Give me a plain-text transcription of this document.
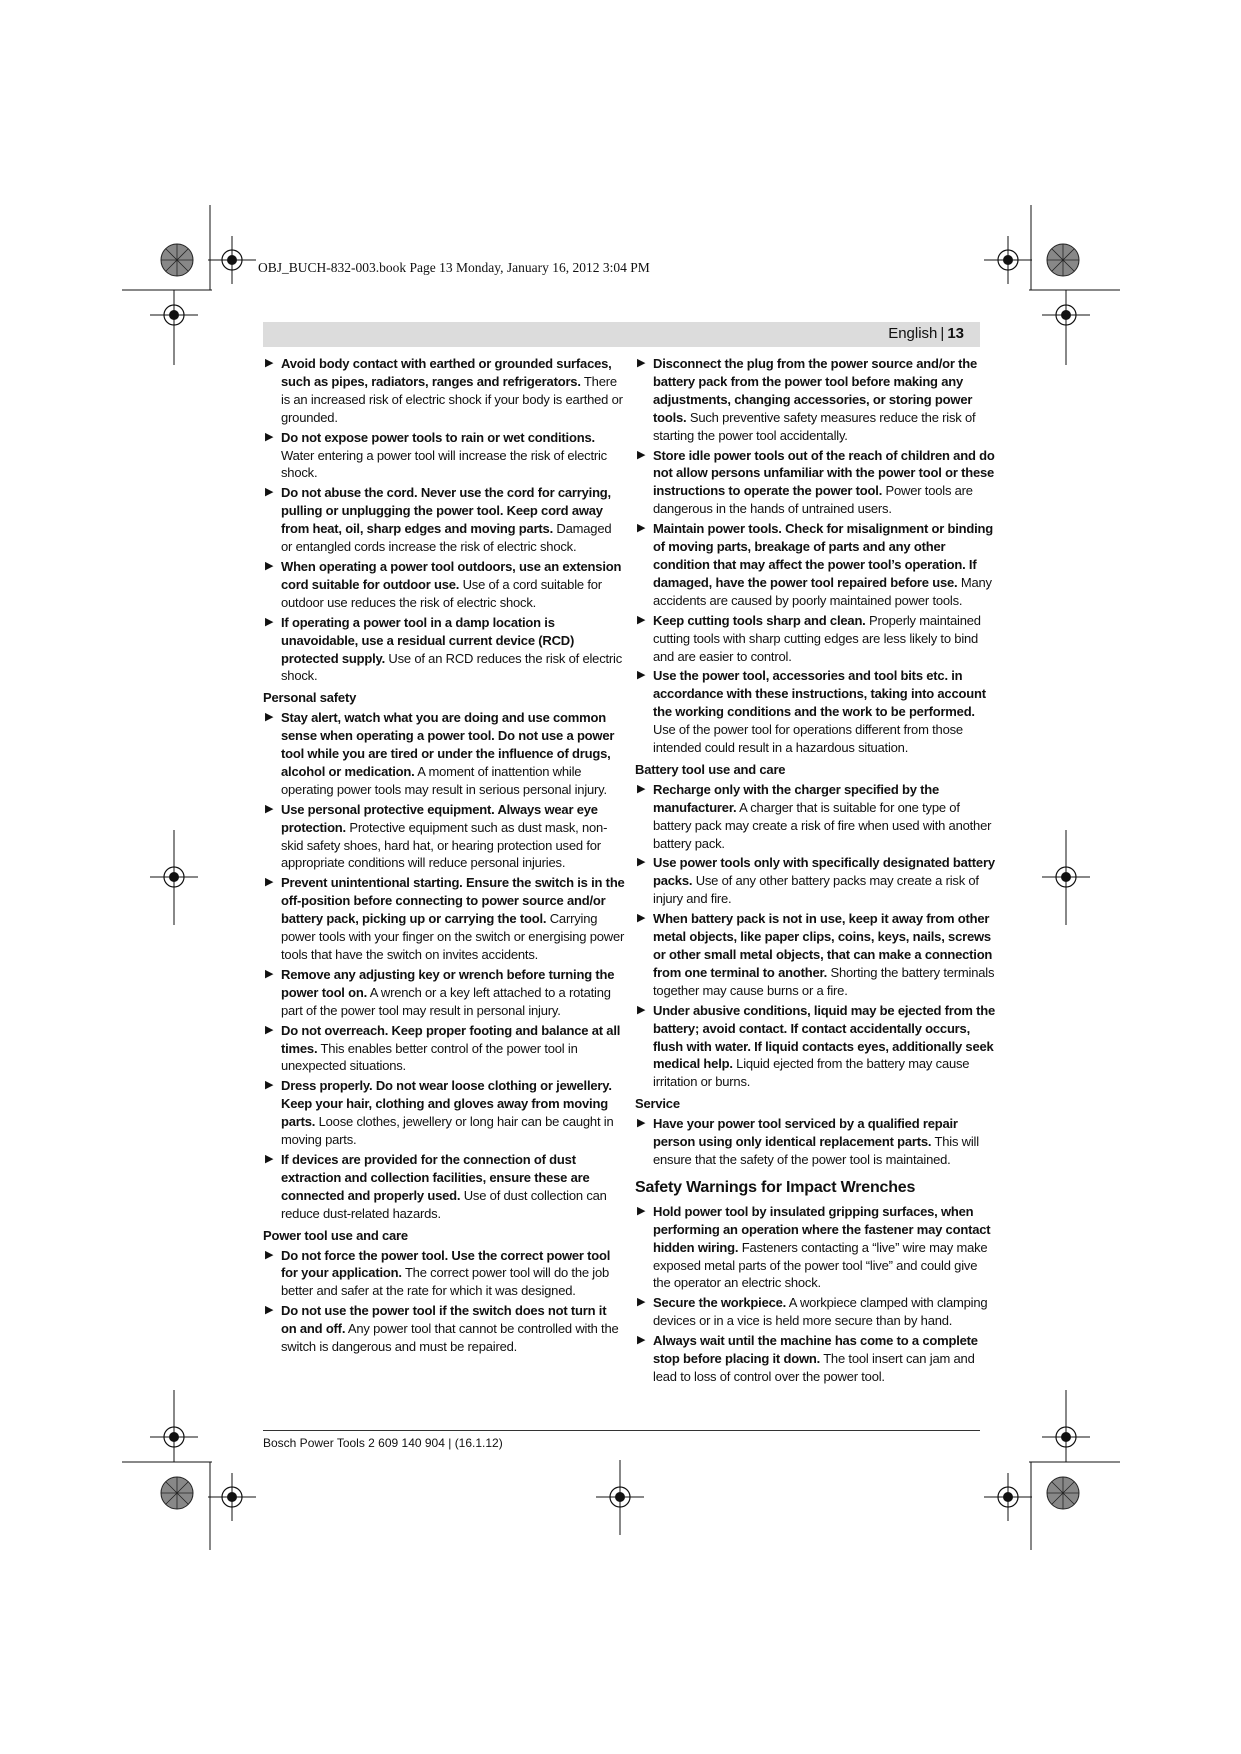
OBJ_BUCH-832-003.book Page 13 Monday, January 16, 2012 3:04 PM
English | 13
▶ Avoid body contact with earthed or grounded surfaces, such as pipes, radiators, ranges and refrigerators. There is an increased risk of electric shock if your body is earthed or grounded.
▶ Do not expose power tools to rain or wet conditions. Water entering a power tool will increase the risk of electric shock.
▶ Do not abuse the cord. Never use the cord for carrying, pulling or unplugging the power tool. Keep cord away from heat, oil, sharp edges and moving parts. Damaged or entangled cords increase the risk of electric shock.
▶ When operating a power tool outdoors, use an extension cord suitable for outdoor use. Use of a cord suitable for outdoor use reduces the risk of electric shock.
▶ If operating a power tool in a damp location is unavoidable, use a residual current device (RCD) protected supply. Use of an RCD reduces the risk of electric shock.
Personal safety
▶ Stay alert, watch what you are doing and use common sense when operating a power tool. Do not use a power tool while you are tired or under the influence of drugs, alcohol or medication. A moment of inattention while operating power tools may result in serious personal injury.
▶ Use personal protective equipment. Always wear eye protection. Protective equipment such as dust mask, non-skid safety shoes, hard hat, or hearing protection used for appropriate conditions will reduce personal injuries.
▶ Prevent unintentional starting. Ensure the switch is in the off-position before connecting to power source and/or battery pack, picking up or carrying the tool. Carrying power tools with your finger on the switch or energising power tools that have the switch on invites accidents.
▶ Remove any adjusting key or wrench before turning the power tool on. A wrench or a key left attached to a rotating part of the power tool may result in personal injury.
▶ Do not overreach. Keep proper footing and balance at all times. This enables better control of the power tool in unexpected situations.
▶ Dress properly. Do not wear loose clothing or jewellery. Keep your hair, clothing and gloves away from moving parts. Loose clothes, jewellery or long hair can be caught in moving parts.
▶ If devices are provided for the connection of dust extraction and collection facilities, ensure these are connected and properly used. Use of dust collection can reduce dust-related hazards.
Power tool use and care
▶ Do not force the power tool. Use the correct power tool for your application. The correct power tool will do the job better and safer at the rate for which it was designed.
▶ Do not use the power tool if the switch does not turn it on and off. Any power tool that cannot be controlled with the switch is dangerous and must be repaired.
▶ Disconnect the plug from the power source and/or the battery pack from the power tool before making any adjustments, changing accessories, or storing power tools. Such preventive safety measures reduce the risk of starting the power tool accidentally.
▶ Store idle power tools out of the reach of children and do not allow persons unfamiliar with the power tool or these instructions to operate the power tool. Power tools are dangerous in the hands of untrained users.
▶ Maintain power tools. Check for misalignment or binding of moving parts, breakage of parts and any other condition that may affect the power tool’s operation. If damaged, have the power tool repaired before use. Many accidents are caused by poorly maintained power tools.
▶ Keep cutting tools sharp and clean. Properly maintained cutting tools with sharp cutting edges are less likely to bind and are easier to control.
▶ Use the power tool, accessories and tool bits etc. in accordance with these instructions, taking into account the working conditions and the work to be performed. Use of the power tool for operations different from those intended could result in a hazardous situation.
Battery tool use and care
▶ Recharge only with the charger specified by the manufacturer. A charger that is suitable for one type of battery pack may create a risk of fire when used with another battery pack.
▶ Use power tools only with specifically designated battery packs. Use of any other battery packs may create a risk of injury and fire.
▶ When battery pack is not in use, keep it away from other metal objects, like paper clips, coins, keys, nails, screws or other small metal objects, that can make a connection from one terminal to another. Shorting the battery terminals together may cause burns or a fire.
▶ Under abusive conditions, liquid may be ejected from the battery; avoid contact. If contact accidentally occurs, flush with water. If liquid contacts eyes, additionally seek medical help. Liquid ejected from the battery may cause irritation or burns.
Service
▶ Have your power tool serviced by a qualified repair person using only identical replacement parts. This will ensure that the safety of the power tool is maintained.
Safety Warnings for Impact Wrenches
▶ Hold power tool by insulated gripping surfaces, when performing an operation where the fastener may contact hidden wiring. Fasteners contacting a “live” wire may make exposed metal parts of the power tool “live” and could give the operator an electric shock.
▶ Secure the workpiece. A workpiece clamped with clamping devices or in a vice is held more secure than by hand.
▶ Always wait until the machine has come to a complete stop before placing it down. The tool insert can jam and lead to loss of control over the power tool.
Bosch Power Tools 2 609 140 904 | (16.1.12)
